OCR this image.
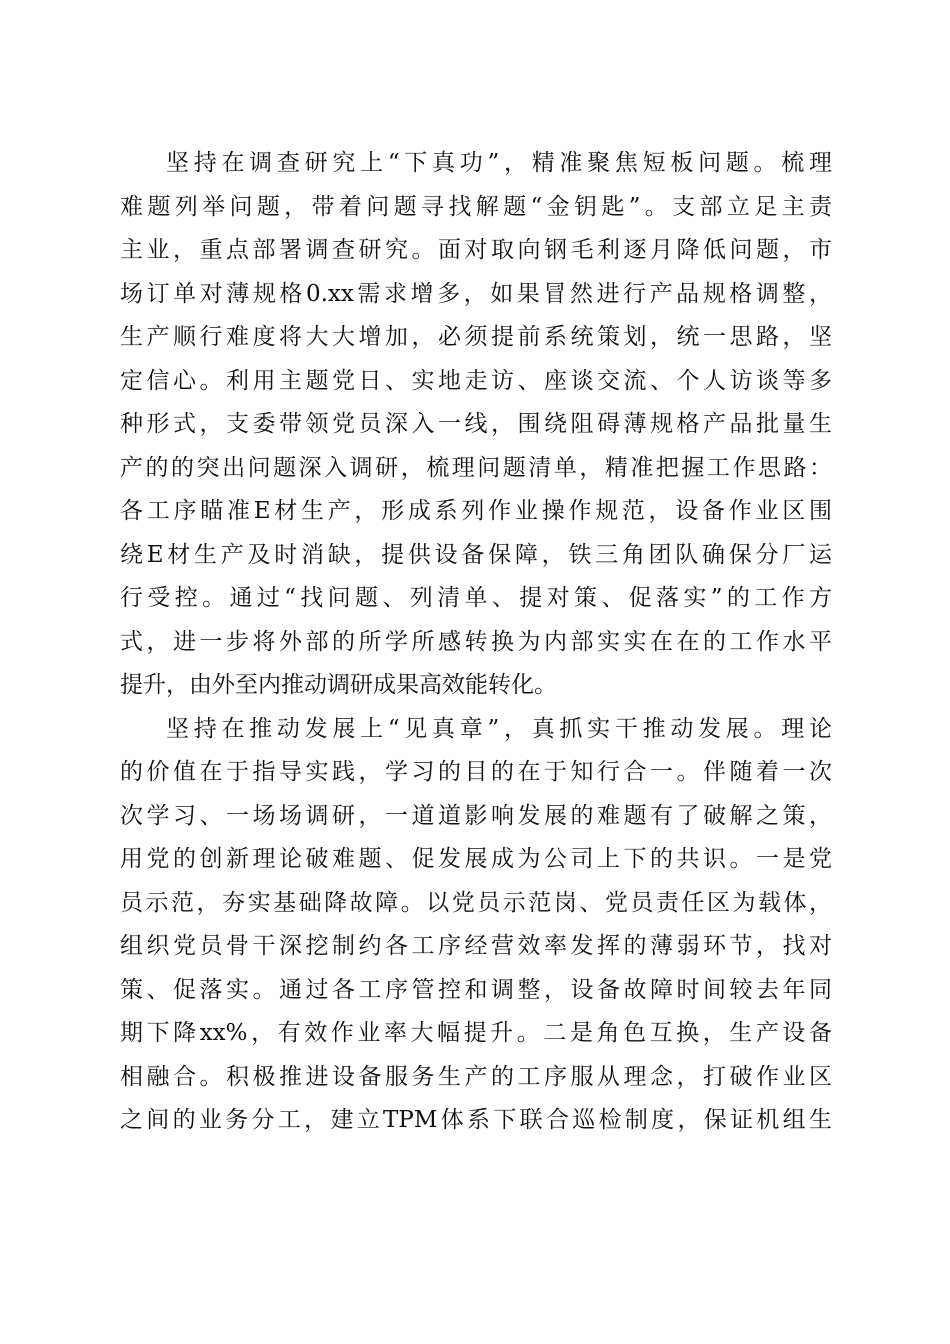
坚持在调查研究上“下真功”，精准聚焦短板问题。梳理
难题列举问题，带着问题寻找解题“金钥匙”。支部立足主责
主业，重点部署调查研究。面对取向钢毛利逐月降低问题，市
场订单对薄规格0.xx需求增多，如果冒然进行产品规格调整，
生产顺行难度将大大增加，必须提前系统策划，统一思路，坚
定信心。利用主题党日、实地走访、座谈交流、个人访谈等多
种形式，支委带领党员深入一线，围绕阻碍薄规格产品批量生
产的的突出问题深入调研，梳理问题清单，精准把握工作思路：
各工序瞄准E材生产，形成系列作业操作规范，设备作业区围
绕E材生产及时消缺，提供设备保障，铁三角团队确保分厂运
行受控。通过“找问题、列清单、提对策、促落实”的工作方
式，进一步将外部的所学所感转换为内部实实在在的工作水平
提升，由外至内推动调研成果高效能转化。
坚持在推动发展上“见真章”，真抓实干推动发展。理论
的价值在于指导实践，学习的目的在于知行合一。伴随着一次
次学习、一场场调研，一道道影响发展的难题有了破解之策，
用党的创新理论破难题、促发展成为公司上下的共识。一是党
员示范，夯实基础降故障。以党员示范岗、党员责任区为载体，
组织党员骨干深挖制约各工序经营效率发挥的薄弱环节，找对
策、促落实。通过各工序管控和调整，设备故障时间较去年同
期下降xx%，有效作业率大幅提升。二是角色互换，生产设备
相融合。积极推进设备服务生产的工序服从理念，打破作业区
之间的业务分工，建立TPM体系下联合巡检制度，保证机组生
